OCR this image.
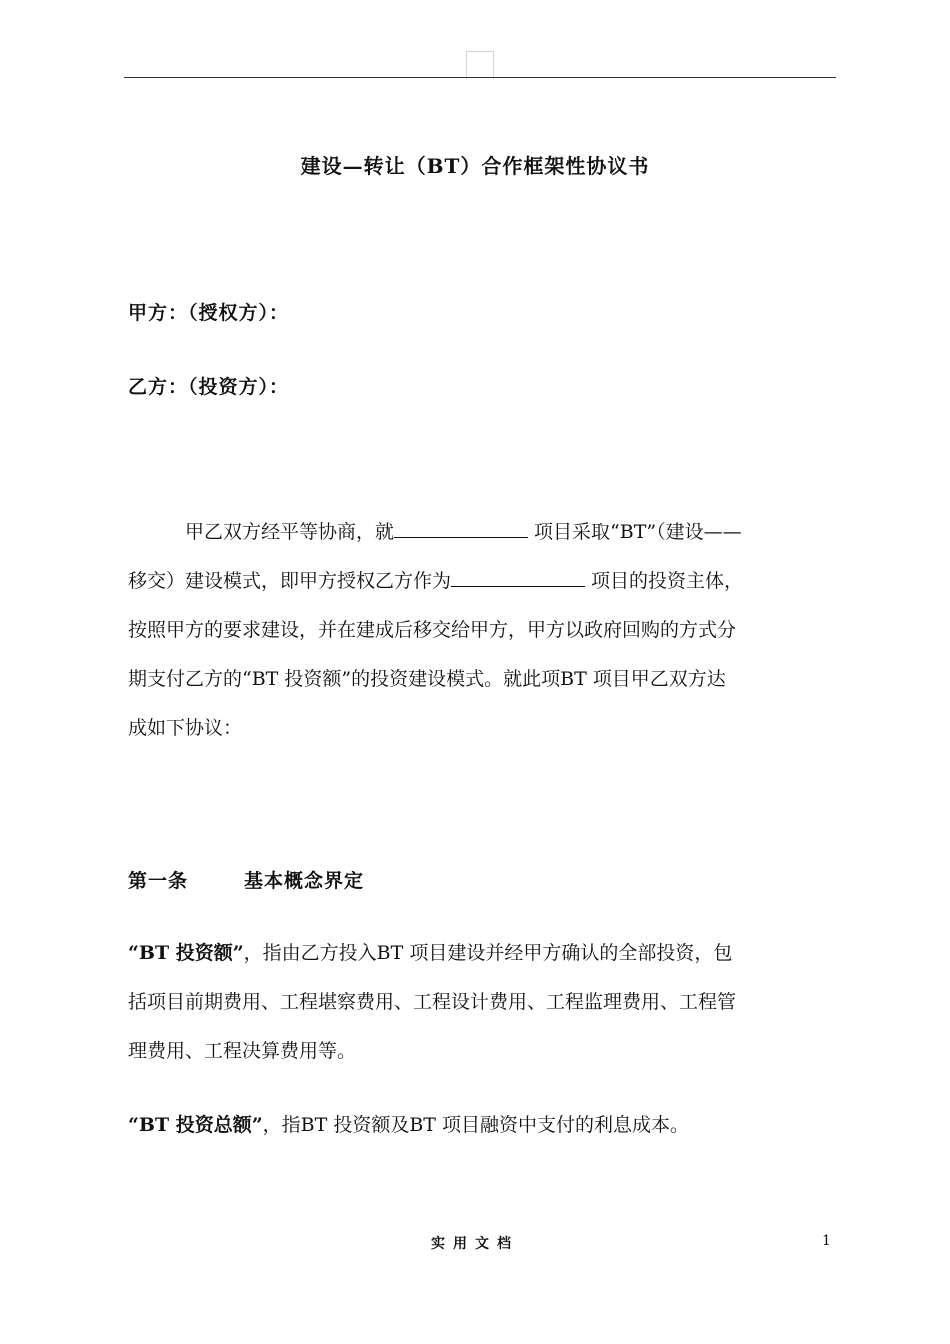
建设—转让（BT）合作框架性协议书
甲方：（授权方）：
乙方：（投资方）：
甲乙双方经平等协商，就	项目采取“BT”（建设——
移交）建设模式，即甲方授权乙方作为	项目的投资主体，
按照甲方的要求建设，并在建成后移交给甲方，甲方以政府回购的方式分
期支付乙方的“BT 投资额”的投资建设模式。就此项BT 项目甲乙双方达
成如下协议：
第一条	基本概念界定
“BT 投资额”，指由乙方投入BT 项目建设并经甲方确认的全部投资，包
括项目前期费用、工程堪察费用、工程设计费用、工程监理费用、工程管
理费用、工程决算费用等。
“BT 投资总额”，指BT 投资额及BT 项目融资中支付的利息成本。
实用文档	1
